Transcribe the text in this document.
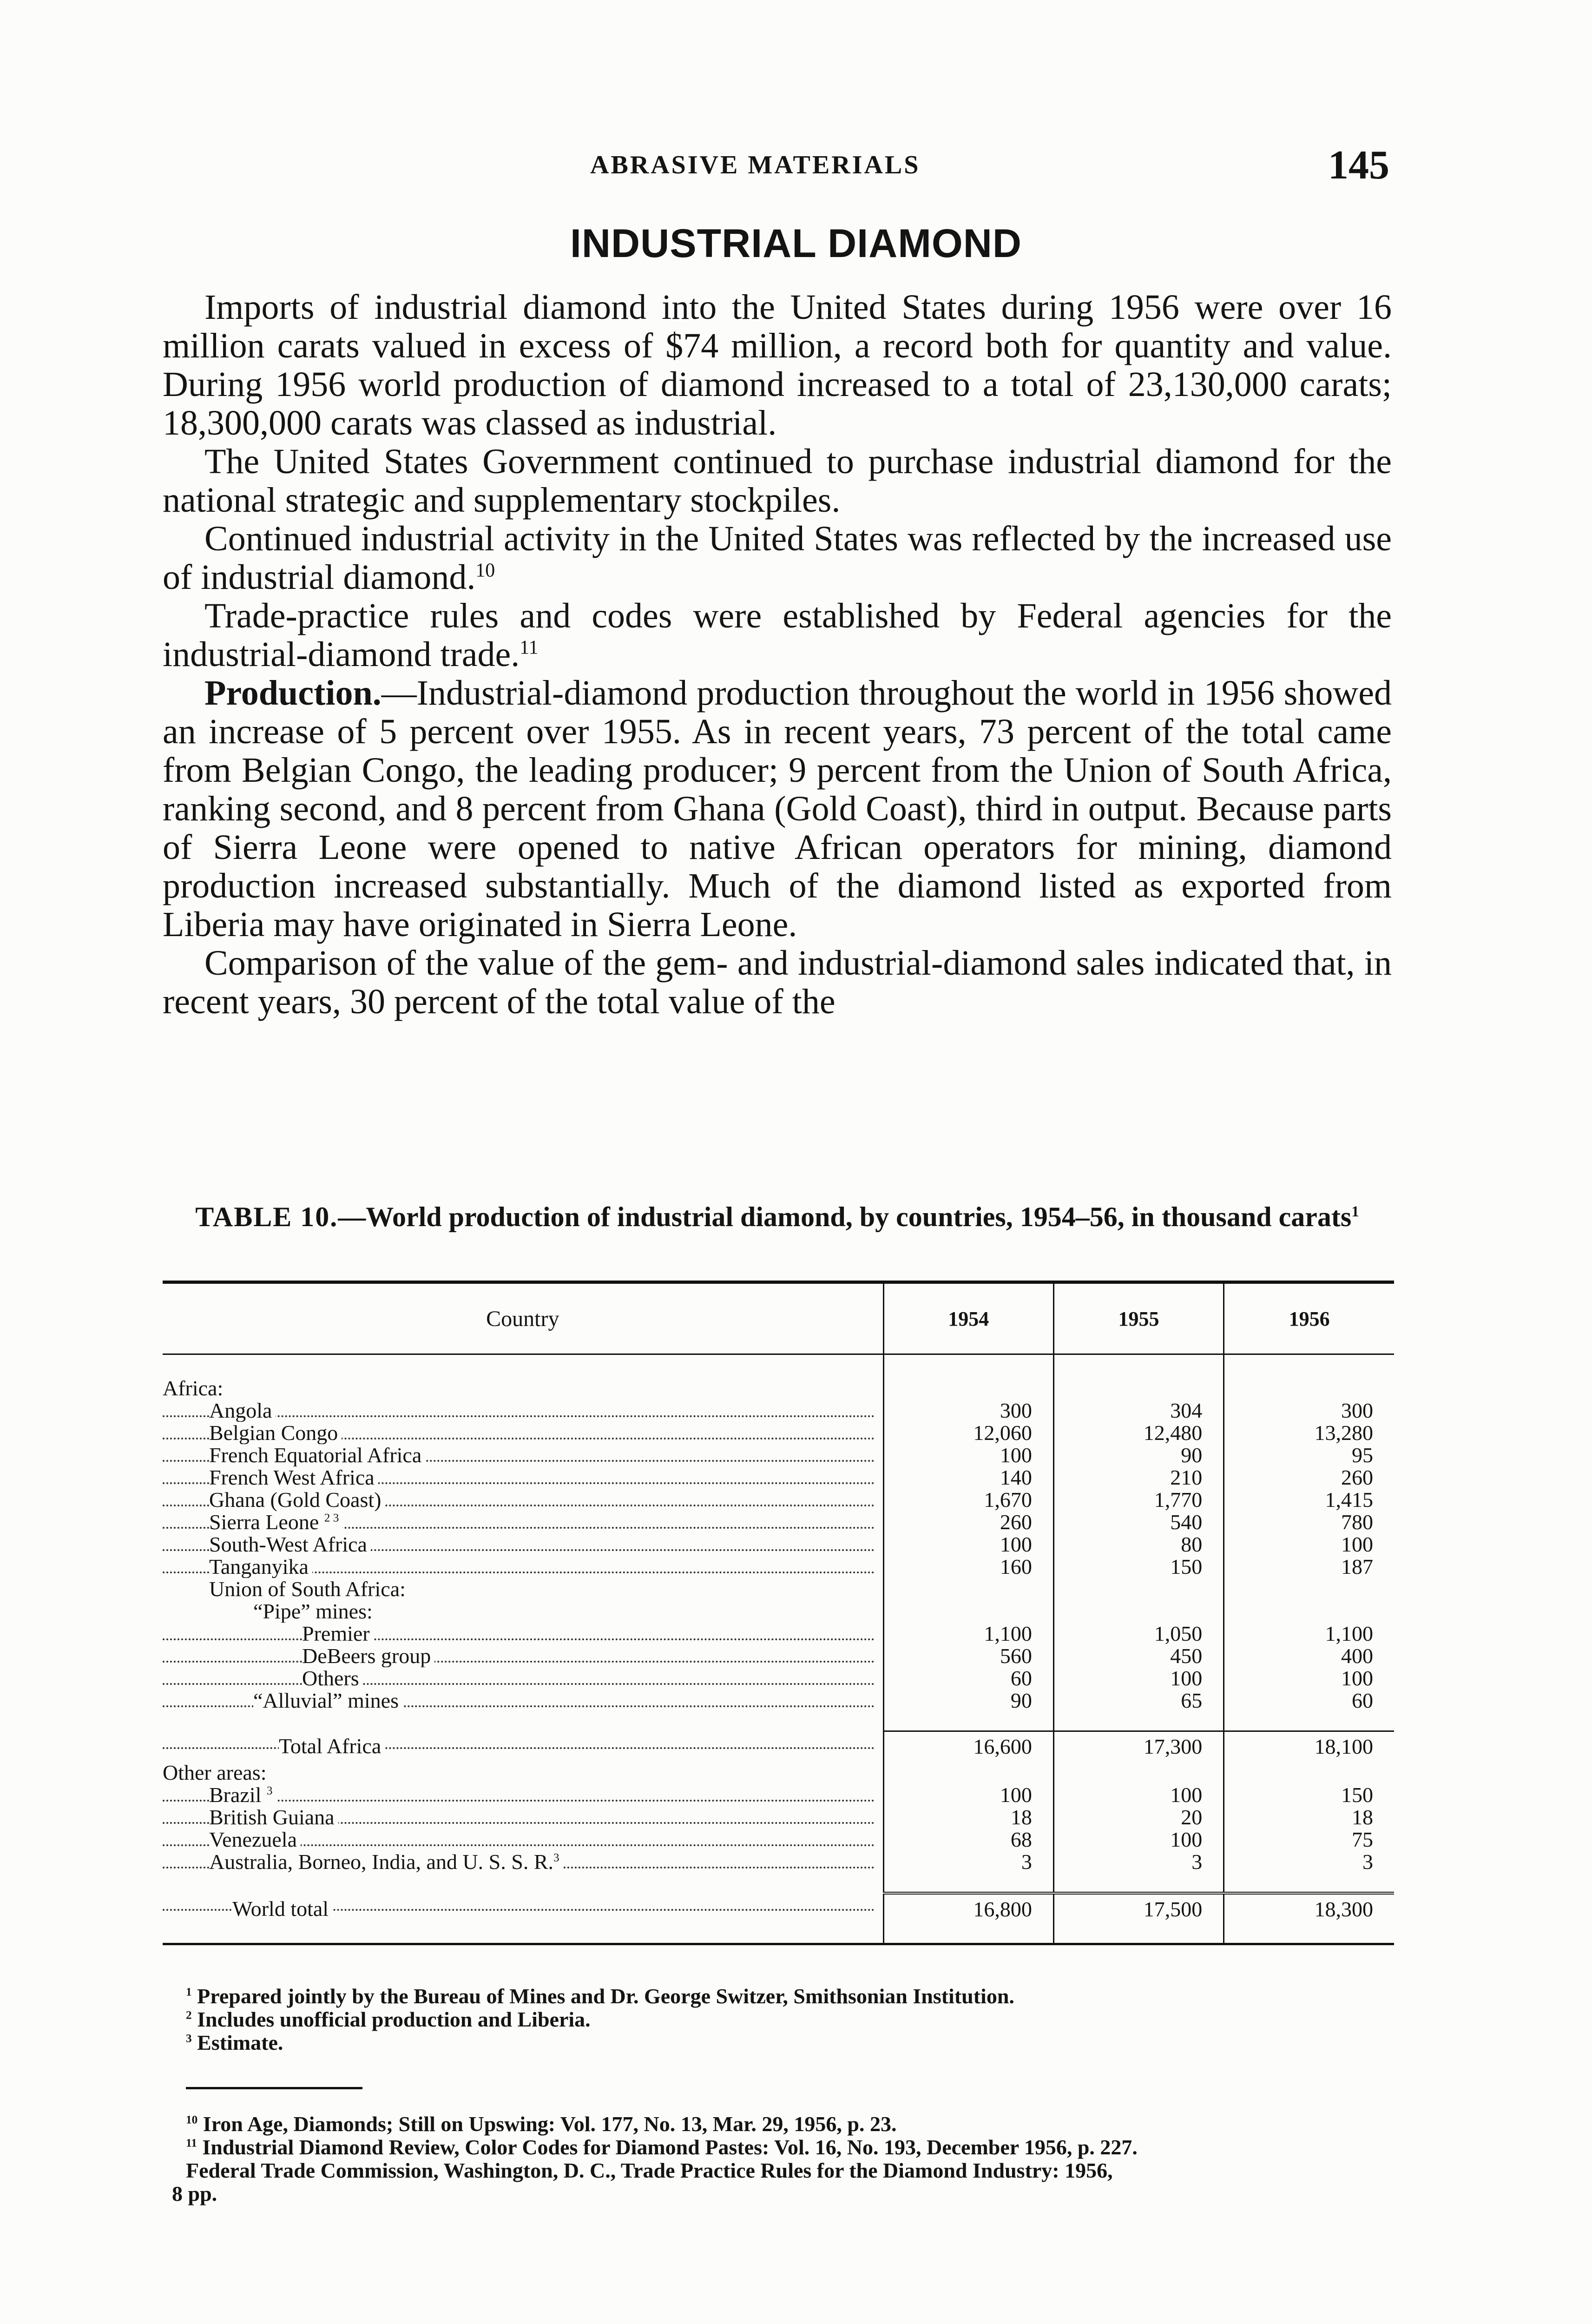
ABRASIVE MATERIALS	145
INDUSTRIAL DIAMOND

Imports of industrial diamond into the United States during 1956 were over 16 million carats valued in excess of $74 million, a record both for quantity and value. During 1956 world production of diamond increased to a total of 23,130,000 carats; 18,300,000 carats was classed as industrial.

The United States Government continued to purchase industrial diamond for the national strategic and supplementary stockpiles.

Continued industrial activity in the United States was reflected by the increased use of industrial diamond.$^{10}$

Trade-practice rules and codes were established by Federal agencies for the industrial-diamond trade.$^{11}$

Production.—Industrial-diamond production throughout the world in 1956 showed an increase of 5 percent over 1955. As in recent years, 73 percent of the total came from Belgian Congo, the leading producer; 9 percent from the Union of South Africa, ranking second, and 8 percent from Ghana (Gold Coast), third in output. Because parts of Sierra Leone were opened to native African operators for mining, diamond production increased substantially. Much of the diamond listed as exported from Liberia may have originated in Sierra Leone.

Comparison of the value of the gem- and industrial-diamond sales indicated that, in recent years, 30 percent of the total value of the

TABLE 10.—World production of industrial diamond, by countries, 1954–56, in thousand carats$^1$
Country	1954	1955	1956

Africa:			

Angola	300	304	300

Belgian Congo	12,060	12,480	13,280

French Equatorial Africa	100	90	95

French West Africa	140	210	260

Ghana (Gold Coast)	1,670	1,770	1,415

Sierra Leone $^{2 3}$	260	540	780

South-West Africa	100	80	100

Tanganyika	160	150	187
Union of South Africa:			
“Pipe” mines:			

Premier	1,100	1,050	1,100

DeBeers group	560	450	400

Others	60	100	100

“Alluvial” mines	90	65	60

Total Africa	16,600	17,300	18,100
Other areas:			

Brazil $^3$	100	100	150

British Guiana	18	20	18

Venezuela	68	100	75

Australia, Borneo, India, and U. S. S. R.$^3$	3	3	3

World total	16,800	17,500	18,300

$^1$ Prepared jointly by the Bureau of Mines and Dr. George Switzer, Smithsonian Institution.
$^2$ Includes unofficial production and Liberia.
$^3$ Estimate.
$^{10}$ Iron Age, Diamonds; Still on Upswing: Vol. 177, No. 13, Mar. 29, 1956, p. 23.
$^{11}$ Industrial Diamond Review, Color Codes for Diamond Pastes: Vol. 16, No. 193, December 1956, p. 227.
Federal Trade Commission, Washington, D. C., Trade Practice Rules for the Diamond Industry: 1956,
8 pp.
